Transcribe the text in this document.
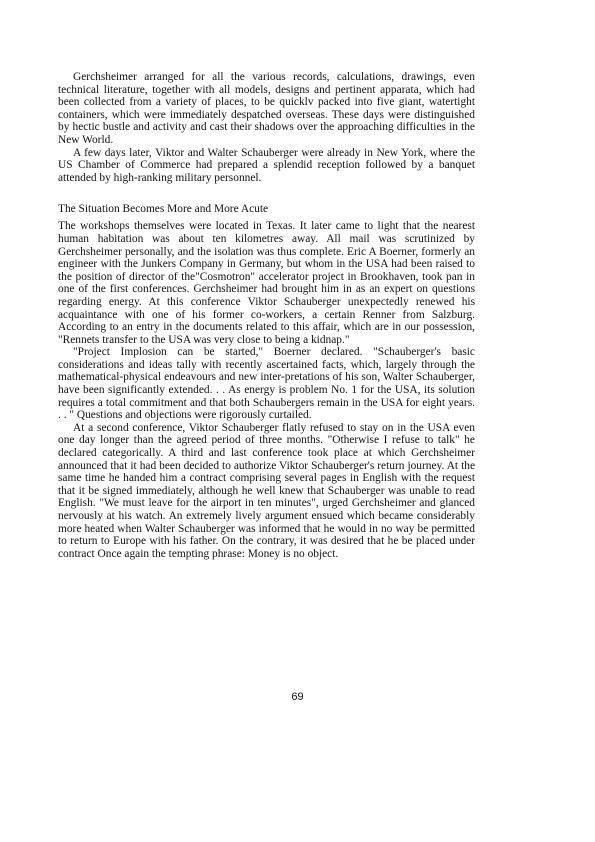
Gerchsheimer arranged for all the various records, calculations, drawings, even technical literature, together with all models, designs and pertinent apparata, which had been collected from a variety of places, to be quicklv packed into five giant, watertight containers, which were immediately despatched overseas. These days were distinguished by hectic bustle and activity and cast their shadows over the approaching difficulties in the New World.

A few days later, Viktor and Walter Schauberger were already in New York, where the US Chamber of Commerce had prepared a splendid reception followed by a banquet attended by high-ranking military personnel.

The Situation Becomes More and More Acute

The workshops themselves were located in Texas. It later came to light that the nearest human habitation was about ten kilometres away. All mail was scrutinized by Gerchsheimer personally, and the isolation was thus complete. Eric A Boerner, formerly an engineer with the Junkers Company in Germany, but whom in the USA had been raised to the position of director of the"Cosmotron" accelerator project in Brookhaven, took pan in one of the first conferences. Gerchsheimer had brought him in as an expert on questions regarding energy. At this conference Viktor Schauberger unexpectedly renewed his acquaintance with one of his former co-workers, a certain Renner from Salzburg. According to an entry in the documents related to this affair, which are in our possession, "Rennets transfer to the USA was very close to being a kidnap."

"Project Implosion can be started," Boerner declared. "Schauberger's basic considerations and ideas tally with recently ascertained facts, which, largely through the mathematical-physical endeavours and new inter-pretations of his son, Walter Schauberger, have been significantly extended. . . As energy is problem No. 1 for the USA, its solution requires a total commitment and that both Schaubergers remain in the USA for eight years. . . " Questions and objections were rigorously curtailed.

At a second conference, Viktor Schauberger flatly refused to stay on in the USA even one day longer than the agreed period of three months. "Otherwise I refuse to talk" he declared categorically. A third and last conference took place at which Gerchsheimer announced that it had been decided to authorize Viktor Schauberger's return journey. At the same time he handed him a contract comprising several pages in English with the request that it be signed immediately, although he well knew that Schauberger was unable to read English. "We must leave for the airport in ten minutes", urged Gerchsheimer and glanced nervously at his watch. An extremely lively argument ensued which became considerably more heated when Walter Schauberger was informed that he would in no way be permitted to return to Europe with his father. On the contrary, it was desired that he be placed under contract Once again the tempting phrase: Money is no object.

69
